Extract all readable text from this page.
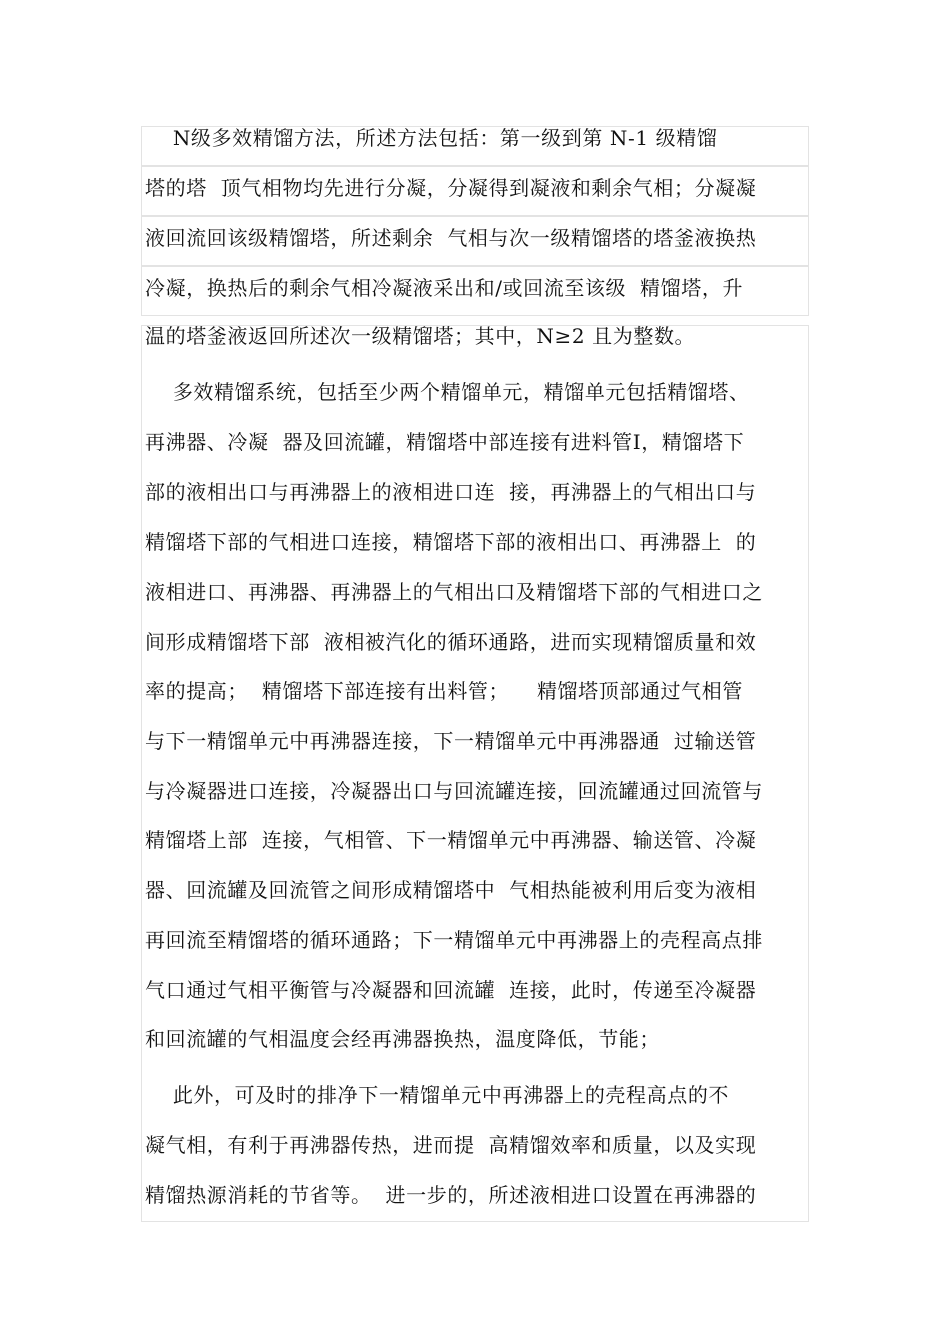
N级多效精馏方法，所述方法包括：第一级到第 N-1 级精馏
塔的塔  顶气相物均先进行分凝，分凝得到凝液和剩余气相；分凝凝
液回流回该级精馏塔，所述剩余  气相与次一级精馏塔的塔釜液换热
冷凝，换热后的剩余气相冷凝液采出和/或回流至该级  精馏塔，升
温的塔釜液返回所述次一级精馏塔；其中，N≥2 且为整数。
多效精馏系统，包括至少两个精馏单元，精馏单元包括精馏塔、
再沸器、冷凝  器及回流罐，精馏塔中部连接有进料管Ⅰ，精馏塔下
部的液相出口与再沸器上的液相进口连  接，再沸器上的气相出口与
精馏塔下部的气相进口连接，精馏塔下部的液相出口、再沸器上  的
液相进口、再沸器、再沸器上的气相出口及精馏塔下部的气相进口之
间形成精馏塔下部  液相被汽化的循环通路，进而实现精馏质量和效
率的提高；  精馏塔下部连接有出料管；    精馏塔顶部通过气相管
与下一精馏单元中再沸器连接，下一精馏单元中再沸器通  过输送管
与冷凝器进口连接，冷凝器出口与回流罐连接，回流罐通过回流管与
精馏塔上部  连接，气相管、下一精馏单元中再沸器、输送管、冷凝
器、回流罐及回流管之间形成精馏塔中  气相热能被利用后变为液相
再回流至精馏塔的循环通路；下一精馏单元中再沸器上的壳程高点排
气口通过气相平衡管与冷凝器和回流罐  连接，此时，传递至冷凝器
和回流罐的气相温度会经再沸器换热，温度降低，节能；
此外，可及时的排净下一精馏单元中再沸器上的壳程高点的不
凝气相，有利于再沸器传热，进而提  高精馏效率和质量，以及实现
精馏热源消耗的节省等。  进一步的，所述液相进口设置在再沸器的
